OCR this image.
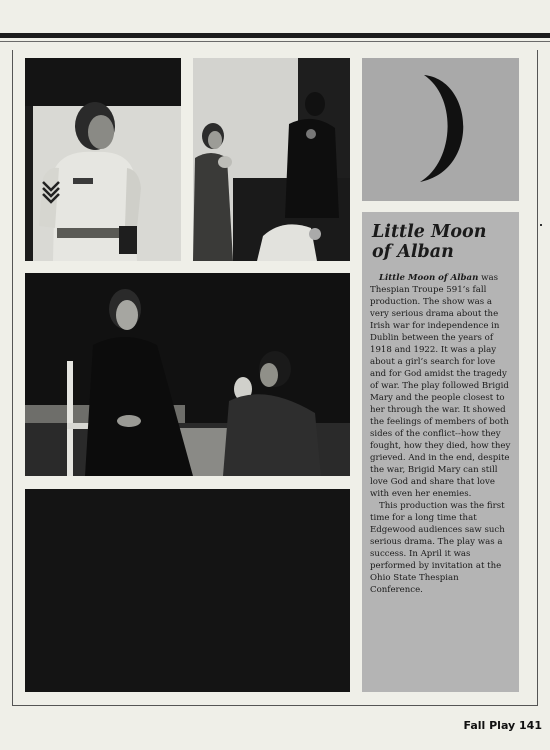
Little Moon
of Alban

Little Moon of Alban was Thespian Troupe 591’s fall production. The show was a very serious drama about the Irish war for independence in Dublin between the years of 1918 and 1922. It was a play about a girl’s search for love and for God amidst the tragedy of war. The play followed Brigid Mary and the people closest to her through the war. It showed the feelings of members of both sides of the conflict--how they fought, how they died, how they grieved. And in the end, despite the war, Brigid Mary can still love God and share that love with even her enemies.

This production was the first time for a long time that Edgewood audiences saw such serious drama. The play was a success. In April it was performed by invitation at the Ohio State Thespian Conference.

Fall Play 141
